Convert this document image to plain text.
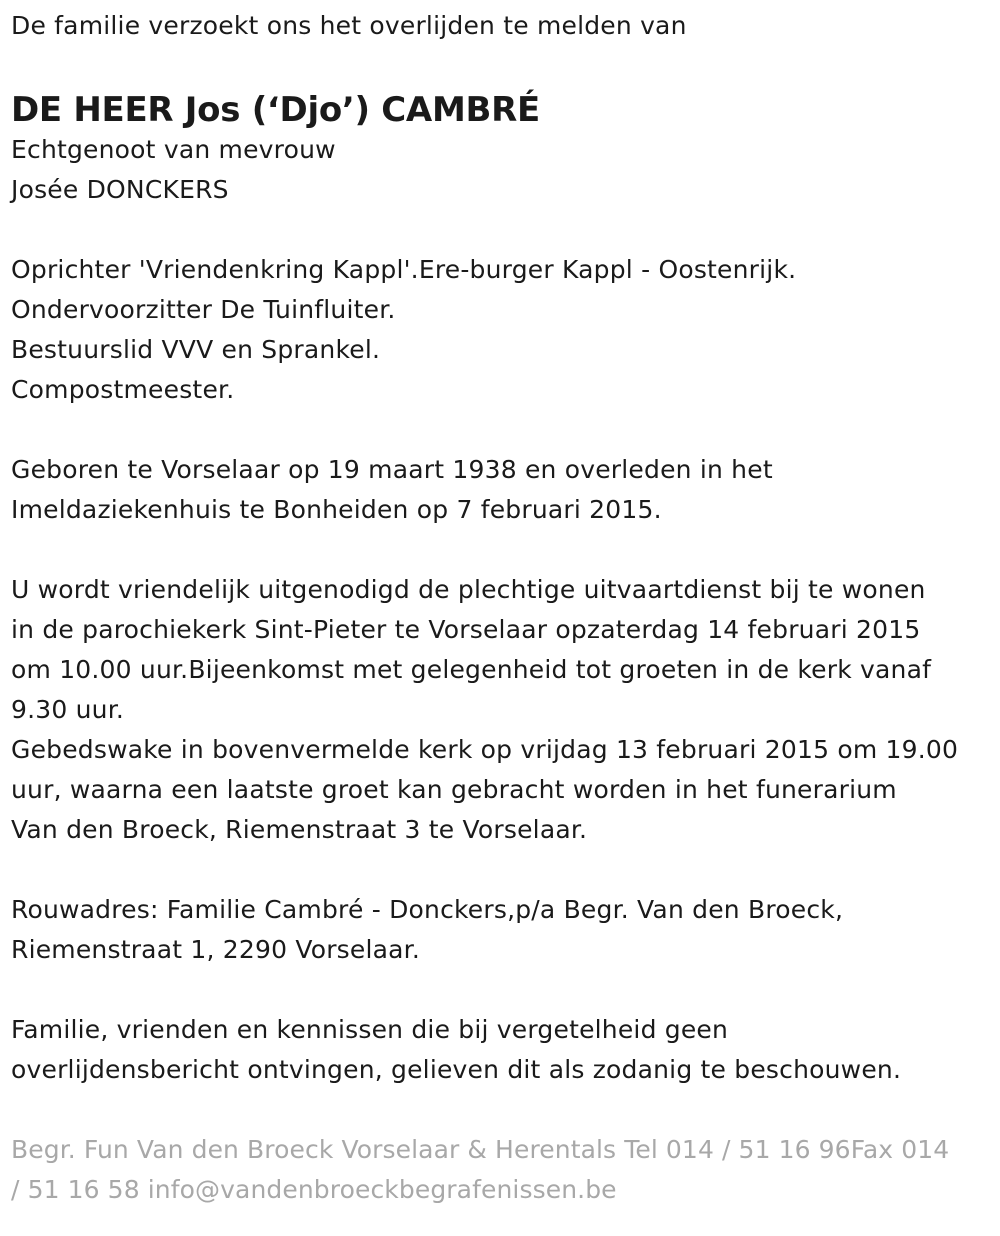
De familie verzoekt ons het overlijden te melden van
DE HEER Jos (‘Djo’) CAMBRÉ
Echtgenoot van mevrouw
Josée DONCKERS
Oprichter 'Vriendenkring Kappl'.Ere-burger Kappl - Oostenrijk.
Ondervoorzitter De Tuinfluiter.
Bestuurslid VVV en Sprankel.
Compostmeester.
Geboren te Vorselaar op 19 maart 1938 en overleden in het
Imeldaziekenhuis te Bonheiden op 7 februari 2015.
U wordt vriendelijk uitgenodigd de plechtige uitvaartdienst bij te wonen
in de parochiekerk Sint-Pieter te Vorselaar opzaterdag 14 februari 2015
om 10.00 uur.Bijeenkomst met gelegenheid tot groeten in de kerk vanaf
9.30 uur.
Gebedswake in bovenvermelde kerk op vrijdag 13 februari 2015 om 19.00
uur, waarna een laatste groet kan gebracht worden in het funerarium
Van den Broeck, Riemenstraat 3 te Vorselaar.
Rouwadres: Familie Cambré - Donckers,p/a Begr. Van den Broeck,
Riemenstraat 1, 2290 Vorselaar.
Familie, vrienden en kennissen die bij vergetelheid geen
overlijdensbericht ontvingen, gelieven dit als zodanig te beschouwen.
Begr. Fun Van den Broeck Vorselaar & Herentals Tel 014 / 51 16 96Fax 014
/ 51 16 58 info@vandenbroeckbegrafenissen.be
